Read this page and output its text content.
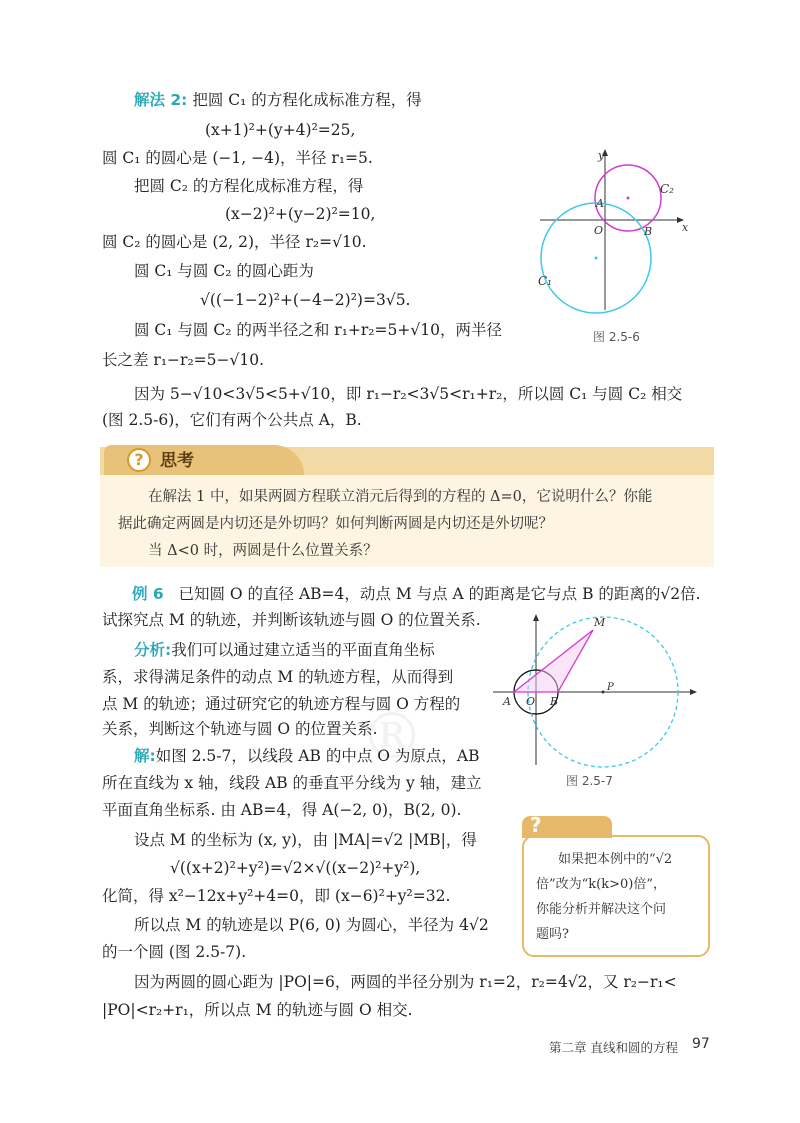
解法 2: 把圆 C₁ 的方程化成标准方程，得
(x+1)²+(y+4)²=25,
圆 C₁ 的圆心是 (−1, −4)，半径 r₁=5.
把圆 C₂ 的方程化成标准方程，得
(x−2)²+(y−2)²=10,
圆 C₂ 的圆心是 (2, 2)，半径 r₂=√10.
圆 C₁ 与圆 C₂ 的圆心距为
√((−1−2)²+(−4−2)²)=3√5.
圆 C₁ 与圆 C₂ 的两半径之和 r₁+r₂=5+√10，两半径
长之差 r₁−r₂=5−√10.
因为 5−√10<3√5<5+√10，即 r₁−r₂<3√5<r₁+r₂，所以圆 C₁ 与圆 C₂ 相交
(图 2.5-6)，它们有两个公共点 A，B.
y
x
O
A
B
C₂
C₁
图 2.5-6
? 思考
在解法 1 中，如果两圆方程联立消元后得到的方程的 Δ=0，它说明什么？你能
据此确定两圆是内切还是外切吗？如何判断两圆是内切还是外切呢？
当 Δ<0 时，两圆是什么位置关系？
例 6 已知圆 O 的直径 AB=4，动点 M 与点 A 的距离是它与点 B 的距离的√2倍.
试探究点 M 的轨迹，并判断该轨迹与圆 O 的位置关系.
分析:我们可以通过建立适当的平面直角坐标
系，求得满足条件的动点 M 的轨迹方程，从而得到
点 M 的轨迹；通过研究它的轨迹方程与圆 O 方程的
关系，判断这个轨迹与圆 O 的位置关系.
解:如图 2.5-7，以线段 AB 的中点 O 为原点，AB
所在直线为 x 轴，线段 AB 的垂直平分线为 y 轴，建立
平面直角坐标系. 由 AB=4，得 A(−2, 0)，B(2, 0).
设点 M 的坐标为 (x, y)，由 |MA|=√2 |MB|，得
√((x+2)²+y²)=√2×√((x−2)²+y²),
化简，得 x²−12x+y²+4=0，即 (x−6)²+y²=32.
所以点 M 的轨迹是以 P(6, 0) 为圆心，半径为 4√2
的一个圆 (图 2.5-7).
因为两圆的圆心距为 |PO|=6，两圆的半径分别为 r₁=2，r₂=4√2，又 r₂−r₁<
|PO|<r₂+r₁，所以点 M 的轨迹与圆 O 相交.
M
P
A O B
图 2.5-7
®
?
如果把本例中的“√2
倍”改为“k(k>0)倍”，
你能分析并解决这个问
题吗?
第二章 直线和圆的方程 97
